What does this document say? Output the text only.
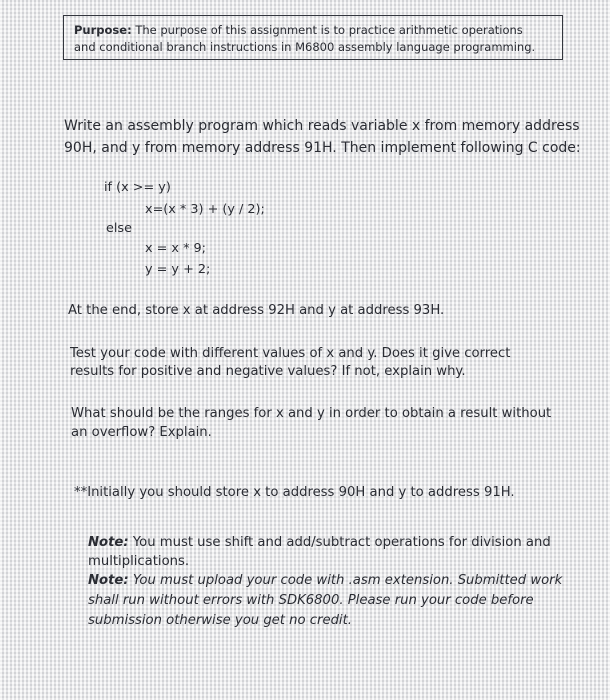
Purpose: The purpose of this assignment is to practice arithmetic operations
and conditional branch instructions in M6800 assembly language programming.
Write an assembly program which reads variable x from memory address
90H, and y from memory address 91H. Then implement following C code:
if (x >= y)
x=(x * 3) + (y / 2);
else
x = x * 9;
y = y + 2;
At the end, store x at address 92H and y at address 93H.
Test your code with different values of x and y. Does it give correct
results for positive and negative values? If not, explain why.
What should be the ranges for x and y in order to obtain a result without
an overflow? Explain.
**Initially you should store x to address 90H and y to address 91H.
Note: You must use shift and add/subtract operations for division and
multiplications.
Note: You must upload your code with .asm extension. Submitted work
shall run without errors with SDK6800. Please run your code before
submission otherwise you get no credit.
